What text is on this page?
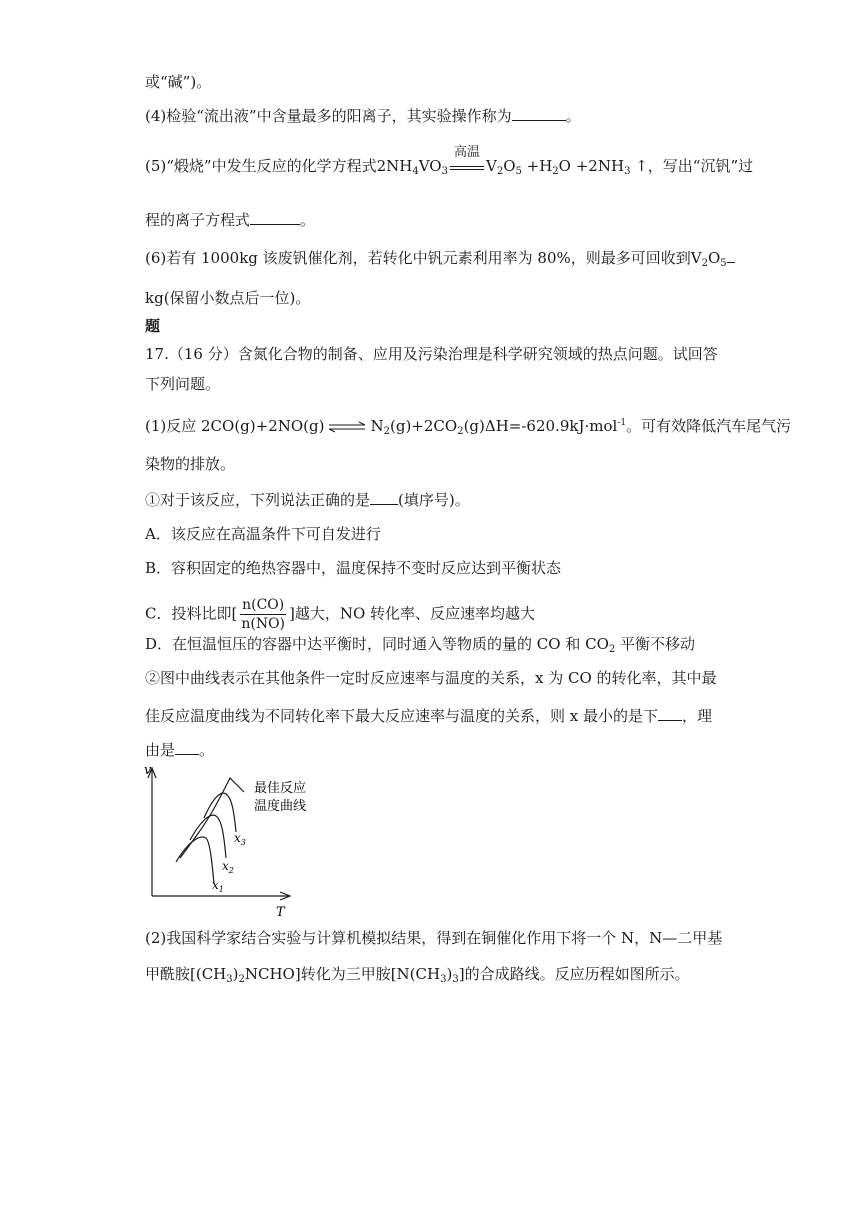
或“碱”)。
(4)检验“流出液”中含量最多的阳离子，其实验操作称为	。
(5)“煅烧”中发生反应的化学方程式$2NH_4VO_3$
高温
$V_2O_5 +H_2O +2NH_3$ ↑，写出“沉钒”过
程的离子方程式	。
(6)若有 1000kg 该废钒催化剂，若转化中钒元素利用率为 80%，则最多可回收到$V_2O_5$
kg(保留小数点后一位)。
题
17.（16 分）含氮化合物的制备、应用及污染治理是科学研究领域的热点问题。试回答
下列问题。
(1)反应 2CO(g)+2NO(g) ⇌ $N_2(g)+2CO_2(g)\Delta H=-620.9kJ\cdot mol^{-1}$。可有效降低汽车尾气污
染物的排放。
①对于该反应，下列说法正确的是 (填序号)。
A．该反应在高温条件下可自发进行
B．容积固定的绝热容器中，温度保持不变时反应达到平衡状态
C．投料比即[ $\frac{n(CO)}{n(NO)}$ ]越大，NO 转化率、反应速率均越大
D．在恒温恒压的容器中达平衡时，同时通入等物质的量的 CO 和 $CO_2$ 平衡不移动
②图中曲线表示在其他条件一定时反应速率与温度的关系，x 为 CO 的转化率，其中最
佳反应温度曲线为不同转化率下最大反应速率与温度的关系，则 x 最小的是下 ，理
由是 。
v
T
$x_1$
$x_2$
$x_3$
最佳反应
温度曲线
(2)我国科学家结合实验与计算机模拟结果，得到在铜催化作用下将一个 N，N—二甲基
甲酰胺$[(CH_3)_2NCHO]$转化为三甲胺$[N(CH_3)_3]$的合成路线。反应历程如图所示。
